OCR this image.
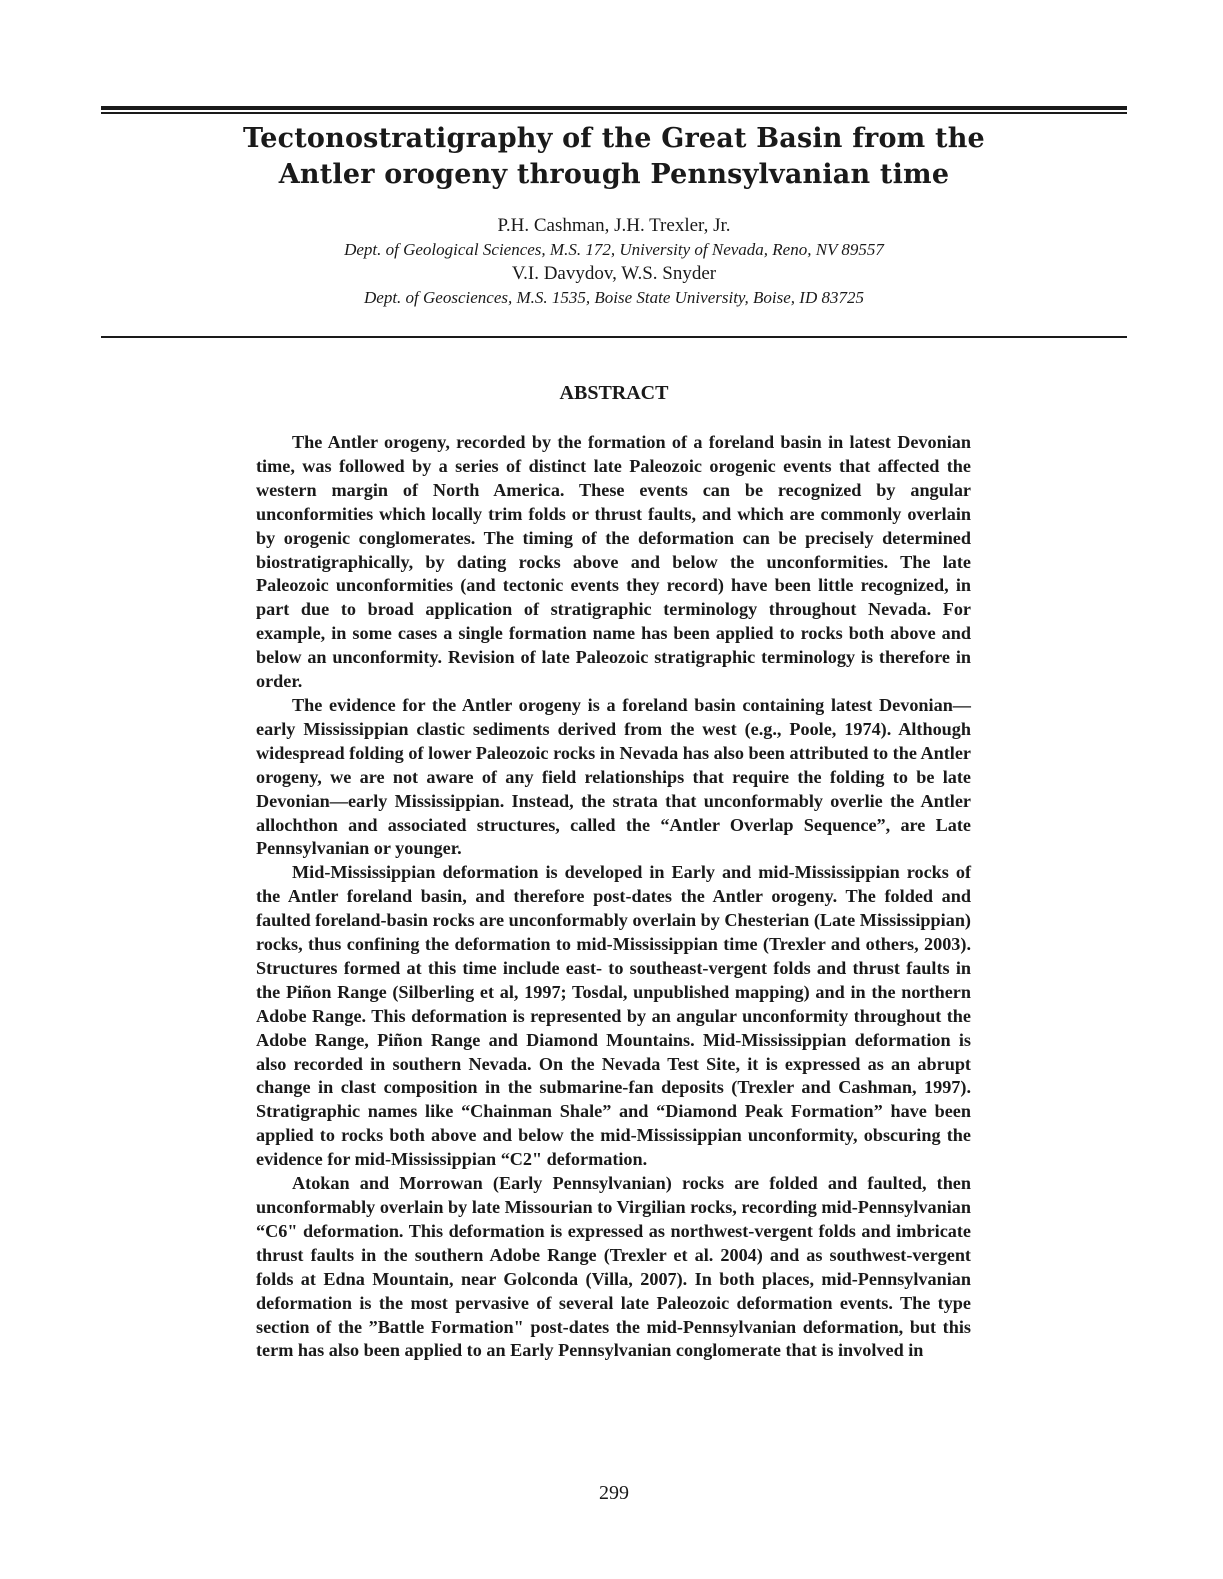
Tectonostratigraphy of the Great Basin from the
Antler orogeny through Pennsylvanian time
P.H. Cashman, J.H. Trexler, Jr.
Dept. of Geological Sciences, M.S. 172, University of Nevada, Reno, NV 89557
V.I. Davydov, W.S. Snyder
Dept. of Geosciences, M.S. 1535, Boise State University, Boise, ID 83725
ABSTRACT

The Antler orogeny, recorded by the formation of a foreland basin in latest Devonian time, was followed by a series of distinct late Paleozoic orogenic events that affected the western margin of North America. These events can be recognized by angular unconformities which locally trim folds or thrust faults, and which are commonly overlain by orogenic conglomerates. The timing of the deformation can be precisely determined biostratigraphically, by dating rocks above and below the unconformities. The late Paleozoic unconformities (and tectonic events they record) have been little recognized, in part due to broad application of stratigraphic terminology throughout Nevada. For example, in some cases a single formation name has been applied to rocks both above and below an unconformity. Revision of late Paleozoic stratigraphic terminology is therefore in order.

The evidence for the Antler orogeny is a foreland basin containing latest Devonian—early Mississippian clastic sediments derived from the west (e.g., Poole, 1974). Although widespread folding of lower Paleozoic rocks in Nevada has also been attributed to the Antler orogeny, we are not aware of any field relationships that require the folding to be late Devonian—early Mississippian. Instead, the strata that unconformably overlie the Antler allochthon and associated structures, called the “Antler Overlap Sequence”, are Late Pennsylvanian or younger.

Mid-Mississippian deformation is developed in Early and mid-Mississippian rocks of the Antler foreland basin, and therefore post-dates the Antler orogeny. The folded and faulted foreland-basin rocks are unconformably overlain by Chesterian (Late Mississippian) rocks, thus confining the deformation to mid-Mississippian time (Trexler and others, 2003). Structures formed at this time include east- to southeast-vergent folds and thrust faults in the Piñon Range (Silberling et al, 1997; Tosdal, unpublished mapping) and in the northern Adobe Range. This deformation is represented by an angular unconformity throughout the Adobe Range, Piñon Range and Diamond Mountains. Mid-Mississippian deformation is also recorded in southern Nevada. On the Nevada Test Site, it is expressed as an abrupt change in clast composition in the submarine-fan deposits (Trexler and Cashman, 1997). Stratigraphic names like “Chainman Shale” and “Diamond Peak Formation” have been applied to rocks both above and below the mid-Mississippian unconformity, obscuring the evidence for mid-Mississippian “C2" deformation.

Atokan and Morrowan (Early Pennsylvanian) rocks are folded and faulted, then unconformably overlain by late Missourian to Virgilian rocks, recording mid-Pennsylvanian “C6" deformation. This deformation is expressed as northwest-vergent folds and imbricate thrust faults in the southern Adobe Range (Trexler et al. 2004) and as southwest-vergent folds at Edna Mountain, near Golconda (Villa, 2007). In both places, mid-Pennsylvanian deformation is the most pervasive of several late Paleozoic deformation events. The type section of the ”Battle Formation" post-dates the mid-Pennsylvanian deformation, but this term has also been applied to an Early Pennsylvanian conglomerate that is involved in

299
